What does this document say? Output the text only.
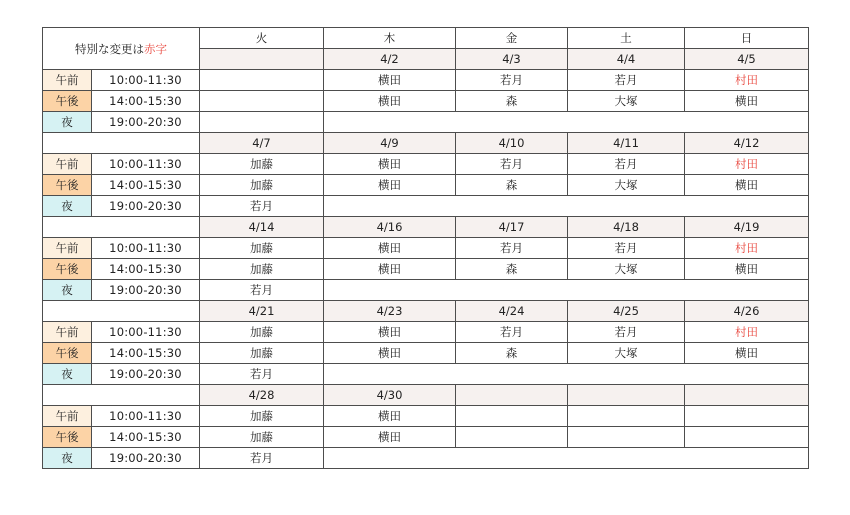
特別な変更は赤字		火	木	金	土	日
			4/2	4/3	4/4	4/5
午前	10:00-11:30		横田	若月	若月	村田
午後	14:00-15:30		横田	森	大塚	横田
夜	19:00-20:30					
		4/7	4/9	4/10	4/11	4/12
午前	10:00-11:30	加藤	横田	若月	若月	村田
午後	14:00-15:30	加藤	横田	森	大塚	横田
夜	19:00-20:30	若月				
		4/14	4/16	4/17	4/18	4/19
午前	10:00-11:30	加藤	横田	若月	若月	村田
午後	14:00-15:30	加藤	横田	森	大塚	横田
夜	19:00-20:30	若月				
		4/21	4/23	4/24	4/25	4/26
午前	10:00-11:30	加藤	横田	若月	若月	村田
午後	14:00-15:30	加藤	横田	森	大塚	横田
夜	19:00-20:30	若月				
		4/28	4/30			
午前	10:00-11:30	加藤	横田			
午後	14:00-15:30	加藤	横田			
夜	19:00-20:30	若月				
